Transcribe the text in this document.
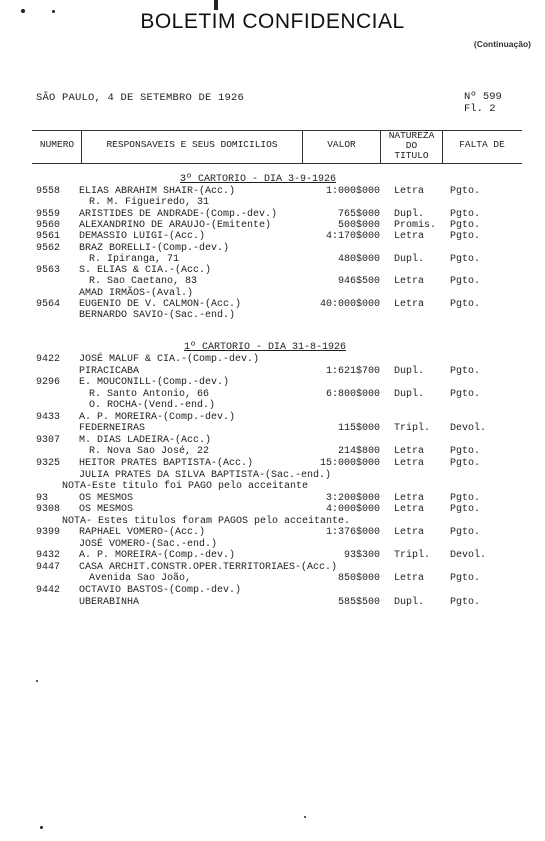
BOLETIM CONFIDENCIAL
(Continuação)
SÃO PAULO, 4 DE SETEMBRO DE 1926	Nº 599
Fl. 2
NUMERO	RESPONSAVEIS E SEUS DOMICILIOS	VALOR
NATUREZA
DO
TITULO
FALTA DE
3º CARTORIO - DIA 3-9-1926
9558 ELIAS ABRAHIM SHAIR-(Acc.)	1:000$000 Letra	Pgto.
R. M. Figueiredo, 31
9559 ARISTIDES DE ANDRADE-(Comp.-dev.)	765$000 Dupl.	Pgto.
9560 ALEXANDRINO DE ARAUJO-(Emitente)	500$000 Promis. Pgto.
9561 DEMASSIO LUIGI-(Acc.)	4:170$000 Letra	Pgto.
9562 BRAZ BORELLI-(Comp.-dev.)
R. Ipiranga, 71	480$000 Dupl.	Pgto.
9563 S. ELIAS & CIA.-(Acc.)
R. Sao Caetano, 83	946$500 Letra	Pgto.
AMAD IRMÃOS-(Aval.)
9564 EUGENIO DE V. CALMON-(Acc.)	40:000$000 Letra	Pgto.
BERNARDO SAVIO-(Sac.-end.)
1º CARTORIO - DIA 31-8-1926
9422 JOSÉ MALUF & CIA.-(Comp.-dev.)
PIRACICABA	1:621$700 Dupl.	Pgto.
9296 E. MOUCONILL-(Comp.-dev.)
R. Santo Antonio, 66	6:800$000 Dupl.	Pgto.
O. ROCHA-(Vend.-end.)
9433 A. P. MOREIRA-(Comp.-dev.)
FEDERNEIRAS	115$000 Tripl. Devol.
9307 M. DIAS LADEIRA-(Acc.)
R. Nova Sao José, 22	214$800 Letra	Pgto.
9325 HEITOR PRATES BAPTISTA-(Acc.)	15:000$000 Letra	Pgto.
JULIA PRATES DA SILVA BAPTISTA-(Sac.-end.)
NOTA-Este titulo foi PAGO pelo acceitante
93	OS MESMOS	3:200$000 Letra	Pgto.
9308 OS MESMOS	4:000$000 Letra	Pgto.
NOTA- Estes titulos foram PAGOS pelo acceitante.
9399 RAPHAEL VOMERO-(Acc.)	1:376$000 Letra	Pgto.
JOSÉ VOMERO-(Sac.-end.)
9432 A. P. MOREIRA-(Comp.-dev.)	93$300 Tripl. Devol.
9447 CASA ARCHIT.CONSTR.OPER.TERRITORIAES-(Acc.)
Avenida Sao João,	850$000 Letra	Pgto.
9442 OCTAVIO BASTOS-(Comp.-dev.)
UBERABINHA	585$500 Dupl.	Pgto.
